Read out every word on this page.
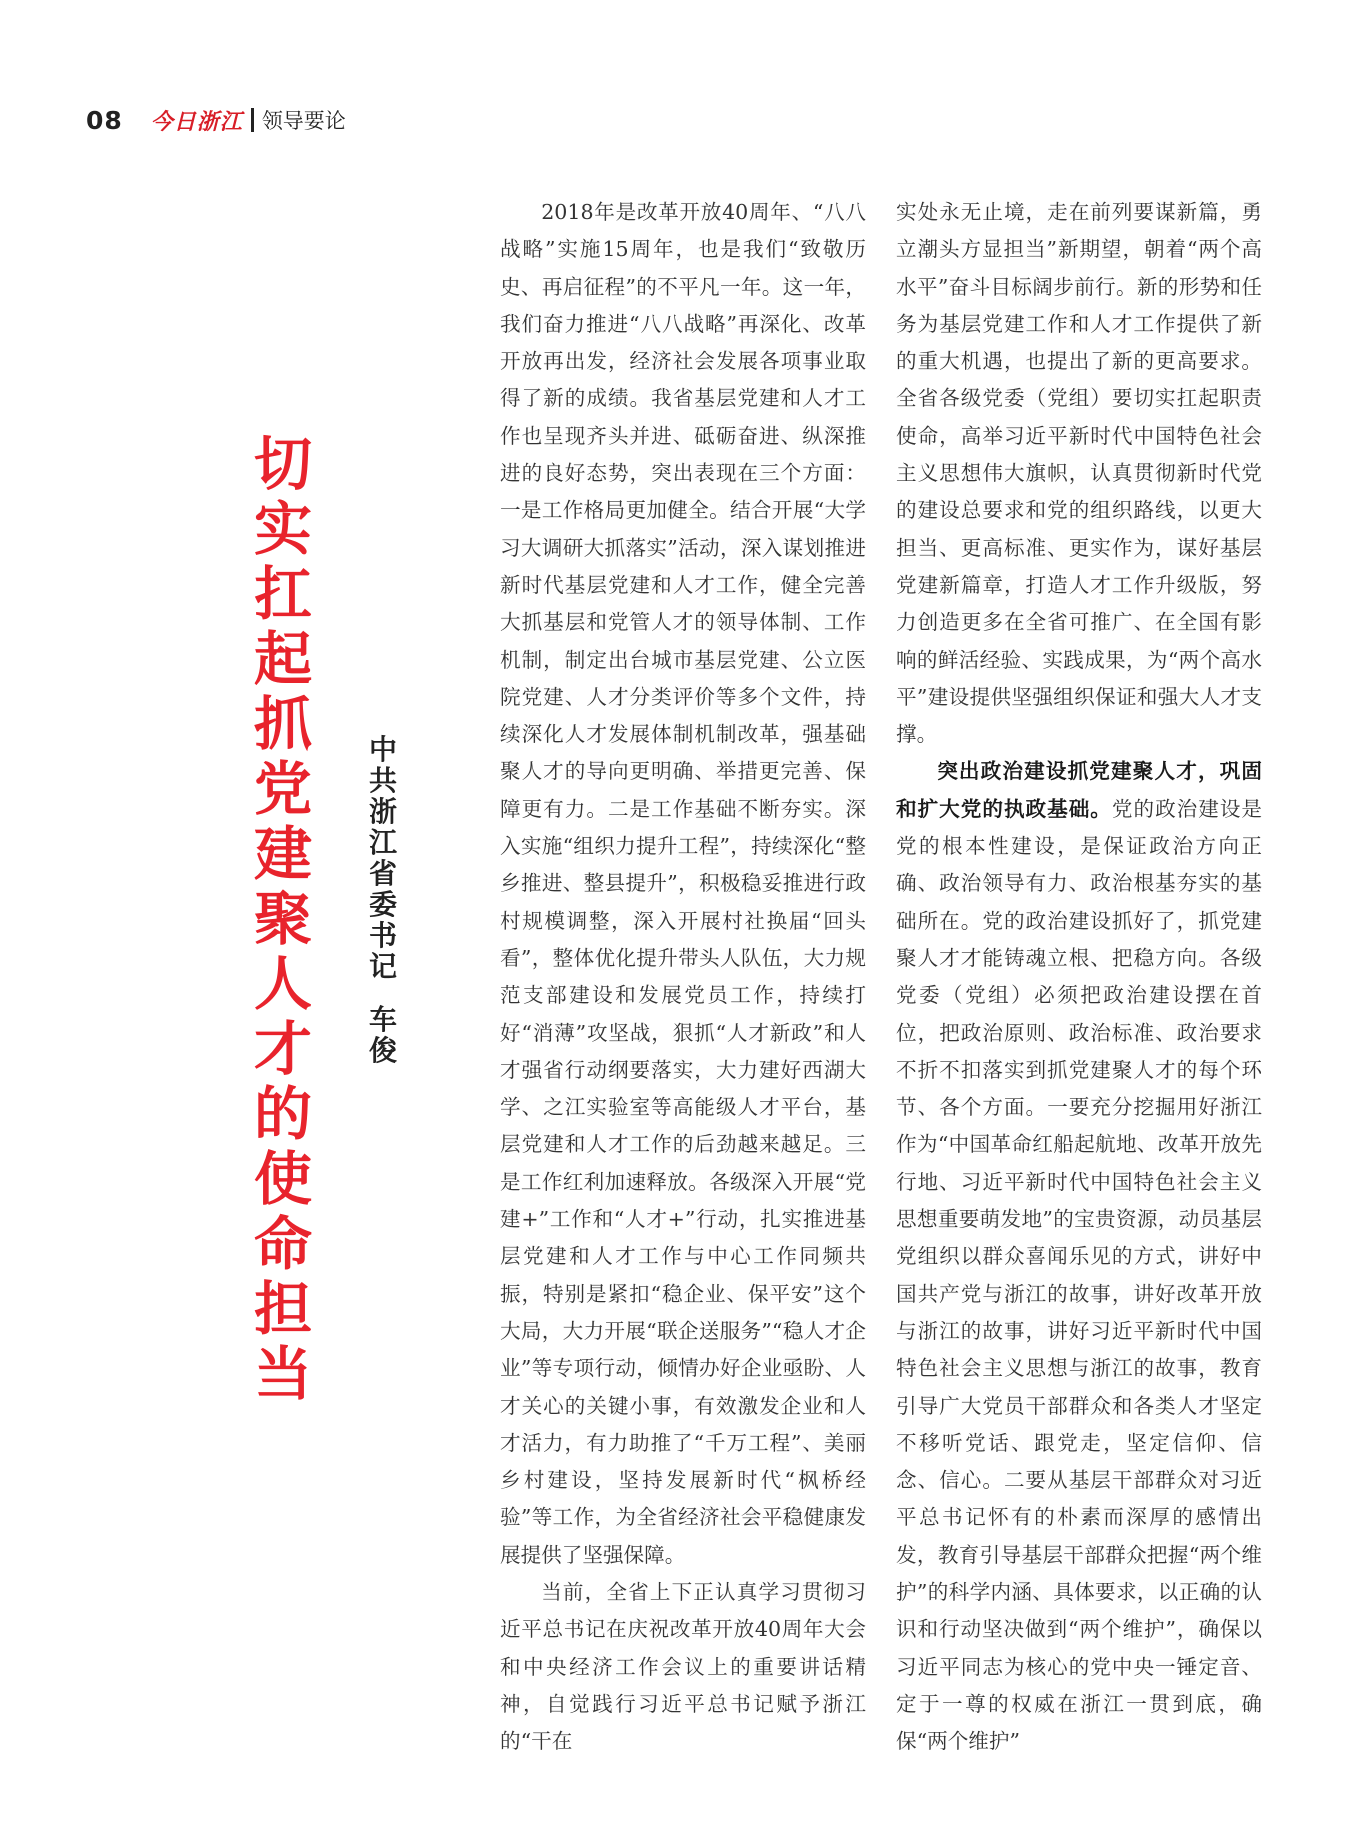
08 今日浙江 领导要论
切
实
扛
起
抓
党
建
聚
人
才
的
使
命
担
当
中
共
浙
江
省
委
书
记
车
俊

2018年是改革开放40周年、“八八战略”实施15周年，也是我们“致敬历史、再启征程”的不平凡一年。这一年，我们奋力推进“八八战略”再深化、改革开放再出发，经济社会发展各项事业取得了新的成绩。我省基层党建和人才工作也呈现齐头并进、砥砺奋进、纵深推进的良好态势，突出表现在三个方面：一是工作格局更加健全。结合开展“大学习大调研大抓落实”活动，深入谋划推进新时代基层党建和人才工作，健全完善大抓基层和党管人才的领导体制、工作机制，制定出台城市基层党建、公立医院党建、人才分类评价等多个文件，持续深化人才发展体制机制改革，强基础聚人才的导向更明确、举措更完善、保障更有力。二是工作基础不断夯实。深入实施“组织力提升工程”，持续深化“整乡推进、整县提升”，积极稳妥推进行政村规模调整，深入开展村社换届“回头看”，整体优化提升带头人队伍，大力规范支部建设和发展党员工作，持续打好“消薄”攻坚战，狠抓“人才新政”和人才强省行动纲要落实，大力建好西湖大学、之江实验室等高能级人才平台，基层党建和人才工作的后劲越来越足。三是工作红利加速释放。各级深入开展“党建+”工作和“人才+”行动，扎实推进基层党建和人才工作与中心工作同频共振，特别是紧扣“稳企业、保平安”这个大局，大力开展“联企送服务”“稳人才企业”等专项行动，倾情办好企业亟盼、人才关心的关键小事，有效激发企业和人才活力，有力助推了“千万工程”、美丽乡村建设，坚持发展新时代“枫桥经验”等工作，为全省经济社会平稳健康发展提供了坚强保障。

当前，全省上下正认真学习贯彻习近平总书记在庆祝改革开放40周年大会和中央经济工作会议上的重要讲话精神，自觉践行习近平总书记赋予浙江的“干在

实处永无止境，走在前列要谋新篇，勇立潮头方显担当”新期望，朝着“两个高水平”奋斗目标阔步前行。新的形势和任务为基层党建工作和人才工作提供了新的重大机遇，也提出了新的更高要求。全省各级党委（党组）要切实扛起职责使命，高举习近平新时代中国特色社会主义思想伟大旗帜，认真贯彻新时代党的建设总要求和党的组织路线，以更大担当、更高标准、更实作为，谋好基层党建新篇章，打造人才工作升级版，努力创造更多在全省可推广、在全国有影响的鲜活经验、实践成果，为“两个高水平”建设提供坚强组织保证和强大人才支撑。

突出政治建设抓党建聚人才，巩固和扩大党的执政基础。党的政治建设是党的根本性建设，是保证政治方向正确、政治领导有力、政治根基夯实的基础所在。党的政治建设抓好了，抓党建聚人才才能铸魂立根、把稳方向。各级党委（党组）必须把政治建设摆在首位，把政治原则、政治标准、政治要求不折不扣落实到抓党建聚人才的每个环节、各个方面。一要充分挖掘用好浙江作为“中国革命红船起航地、改革开放先行地、习近平新时代中国特色社会主义思想重要萌发地”的宝贵资源，动员基层党组织以群众喜闻乐见的方式，讲好中国共产党与浙江的故事，讲好改革开放与浙江的故事，讲好习近平新时代中国特色社会主义思想与浙江的故事，教育引导广大党员干部群众和各类人才坚定不移听党话、跟党走，坚定信仰、信念、信心。二要从基层干部群众对习近平总书记怀有的朴素而深厚的感情出发，教育引导基层干部群众把握“两个维护”的科学内涵、具体要求，以正确的认识和行动坚决做到“两个维护”，确保以习近平同志为核心的党中央一锤定音、定于一尊的权威在浙江一贯到底，确保“两个维护”
